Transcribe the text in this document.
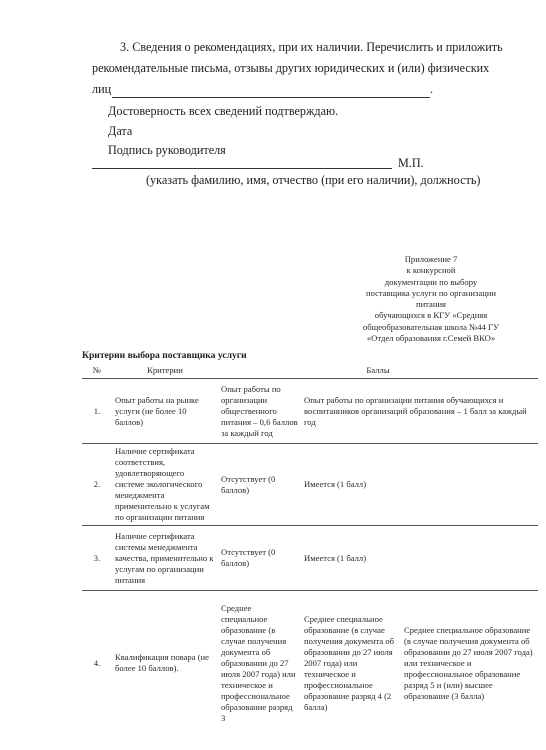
3. Сведения о рекомендациях, при их наличии. Перечислить и приложить
рекомендательные письма, отзывы других юридических и (или) физических
лиц	.
Достоверность всех сведений подтверждаю.
Дата
Подпись руководителя
М.П.
(указать фамилию, имя, отчество (при его наличии), должность)
Приложение 7
к конкурсной
документации по выбору
поставщика услуги по организации
питания
обучающихся в КГУ «Средняя
общеобразовательная школа №44 ГУ
«Отдел образования г.Семей ВКО»
Критерии выбора поставщика услуги
№	Критерии	Баллы		
1.	Опыт работы на рынке услуги (не более 10 баллов)	Опыт работы по организации общественного питания – 0,6 баллов за каждый год	Опыт работы по организации питания обучающихся и воспитанников организаций образования – 1 балл за каждый год	
2.	Наличие сертификата соответствия, удовлетворяющего системе экологического менеджмента применительно к услугам по организации питания	Отсутствует (0 баллов)	Имеется (1 балл)	
3.	Наличие сертификата системы менеджмента качества, применительно к услугам по организации питания	Отсутствует (0 баллов)	Имеется (1 балл)	
4.	Квалификация повара (не более 10 баллов).	Среднее специальное образование (в случае получения документа об образовании до 27 июля 2007 года) или техническое и профессиональное образование разряд 3	Среднее специальное образование (в случае получения документа об образовании до 27 июля 2007 года) или техническое и профессиональное образование разряд 4 (2 балла)	Среднее специальное образование (в случае получения документа об образовании до 27 июля 2007 года) или техническое и профессиональное образование разряд 5 и (или) высшее образование (3 балла)
